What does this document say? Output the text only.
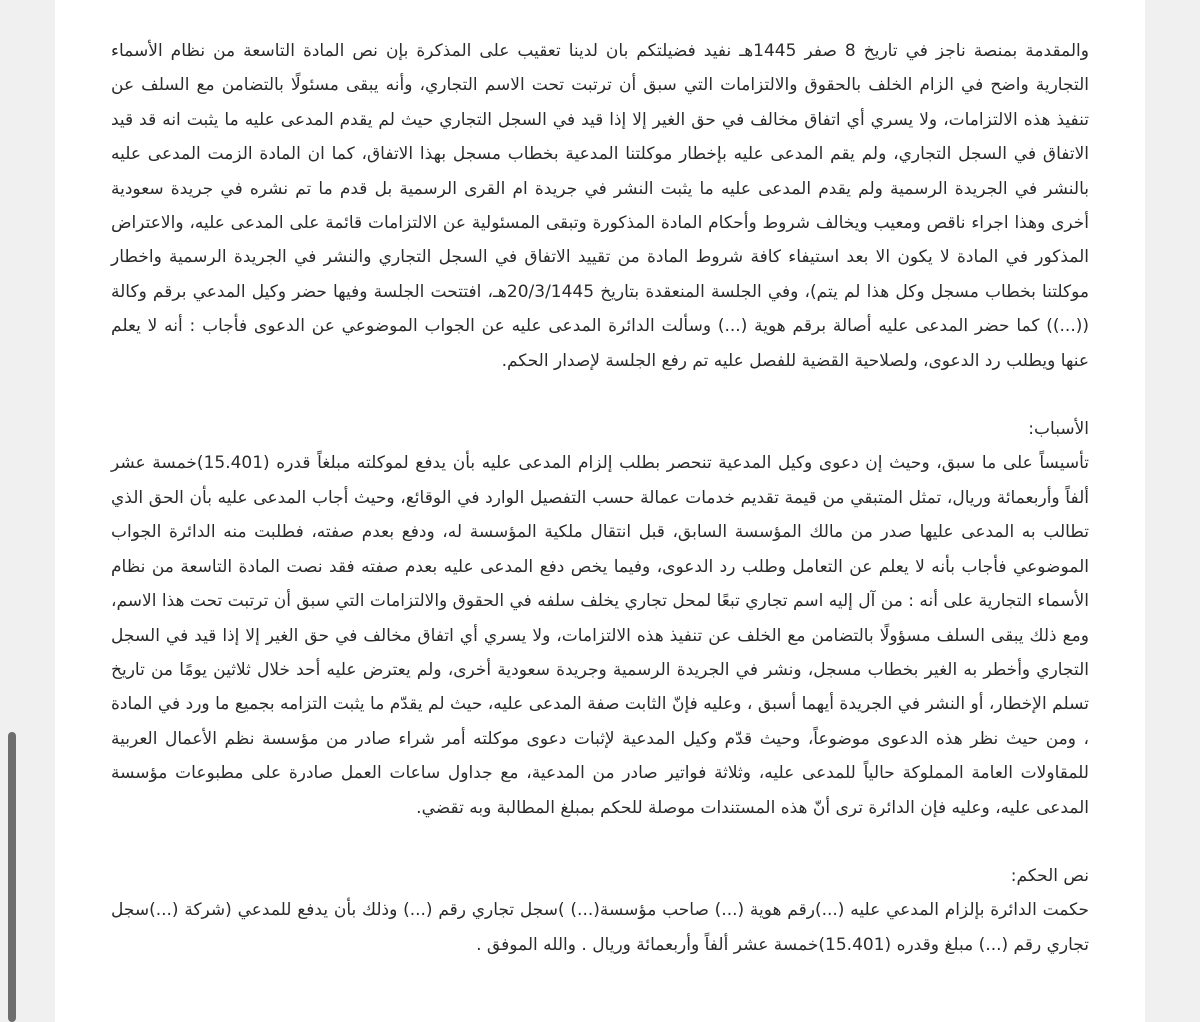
والمقدمة بمنصة ناجز في تاريخ 8 صفر 1445هـ نفيد فضيلتكم بان لدينا تعقيب على المذكرة بإن نص المادة التاسعة من نظام الأسماء التجارية واضح في الزام الخلف بالحقوق والالتزامات التي سبق أن ترتبت تحت الاسم التجاري، وأنه يبقى مسئولًا بالتضامن مع السلف عن تنفيذ هذه الالتزامات، ولا يسري أي اتفاق مخالف في حق الغير إلا إذا قيد في السجل التجاري حيث لم يقدم المدعى عليه ما يثبت انه قد قيد الاتفاق في السجل التجاري، ولم يقم المدعى عليه بإخطار موكلتنا المدعية بخطاب مسجل بهذا الاتفاق، كما ان المادة الزمت المدعى عليه بالنشر في الجريدة الرسمية ولم يقدم المدعى عليه ما يثبت النشر في جريدة ام القرى الرسمية بل قدم ما تم نشره في جريدة سعودية أخرى وهذا اجراء ناقص ومعيب ويخالف شروط وأحكام المادة المذكورة وتبقى المسئولية عن الالتزامات قائمة على المدعى عليه، والاعتراض المذكور في المادة لا يكون الا بعد استيفاء كافة شروط المادة من تقييد الاتفاق في السجل التجاري والنشر في الجريدة الرسمية واخطار موكلتنا بخطاب مسجل وكل هذا لم يتم)، وفي الجلسة المنعقدة بتاريخ 20/3/1445هـ، افتتحت الجلسة وفيها حضر وكيل المدعي برقم وكالة ((...)) كما حضر المدعى عليه أصالة برقم هوية (...) وسألت الدائرة المدعى عليه عن الجواب الموضوعي عن الدعوى فأجاب : أنه لا يعلم عنها ويطلب رد الدعوى، ولصلاحية القضية للفصل عليه تم رفع الجلسة لإصدار الحكم.

الأسباب:

تأسيساً على ما سبق، وحيث إن دعوى وكيل المدعية تنحصر بطلب إلزام المدعى عليه بأن يدفع لموكلته مبلغاً قدره (15.401)خمسة عشر ألفاً وأربعمائة وريال، تمثل المتبقي من قيمة تقديم خدمات عمالة حسب التفصيل الوارد في الوقائع، وحيث أجاب المدعى عليه بأن الحق الذي تطالب به المدعى عليها صدر من مالك المؤسسة السابق، قبل انتقال ملكية المؤسسة له، ودفع بعدم صفته، فطلبت منه الدائرة الجواب الموضوعي فأجاب بأنه لا يعلم عن التعامل وطلب رد الدعوى، وفيما يخص دفع المدعى عليه بعدم صفته فقد نصت المادة التاسعة من نظام الأسماء التجارية على أنه : من آل إليه اسم تجاري تبعًا لمحل تجاري يخلف سلفه في الحقوق والالتزامات التي سبق أن ترتبت تحت هذا الاسم، ومع ذلك يبقى السلف مسؤولًا بالتضامن مع الخلف عن تنفيذ هذه الالتزامات، ولا يسري أي اتفاق مخالف في حق الغير إلا إذا قيد في السجل التجاري وأخطر به الغير بخطاب مسجل، ونشر في الجريدة الرسمية وجريدة سعودية أخرى، ولم يعترض عليه أحد خلال ثلاثين يومًا من تاريخ تسلم الإخطار، أو النشر في الجريدة أيهما أسبق ، وعليه فإنّ الثابت صفة المدعى عليه، حيث لم يقدّم ما يثبت التزامه بجميع ما ورد في المادة ، ومن حيث نظر هذه الدعوى موضوعاً، وحيث قدّم وكيل المدعية لإثبات دعوى موكلته أمر شراء صادر من مؤسسة نظم الأعمال العربية للمقاولات العامة المملوكة حالياً للمدعى عليه، وثلاثة فواتير صادر من المدعية، مع جداول ساعات العمل صادرة على مطبوعات مؤسسة المدعى عليه، وعليه فإن الدائرة ترى أنّ هذه المستندات موصلة للحكم بمبلغ المطالبة وبه تقضي.

نص الحكم:

حكمت الدائرة بإلزام المدعي عليه (...)رقم هوية (...) صاحب مؤسسة(...) )سجل تجاري رقم (...) وذلك بأن يدفع للمدعي (شركة (...)سجل تجاري رقم (...) مبلغ وقدره (15.401)خمسة عشر ألفاً وأربعمائة وريال . والله الموفق .
